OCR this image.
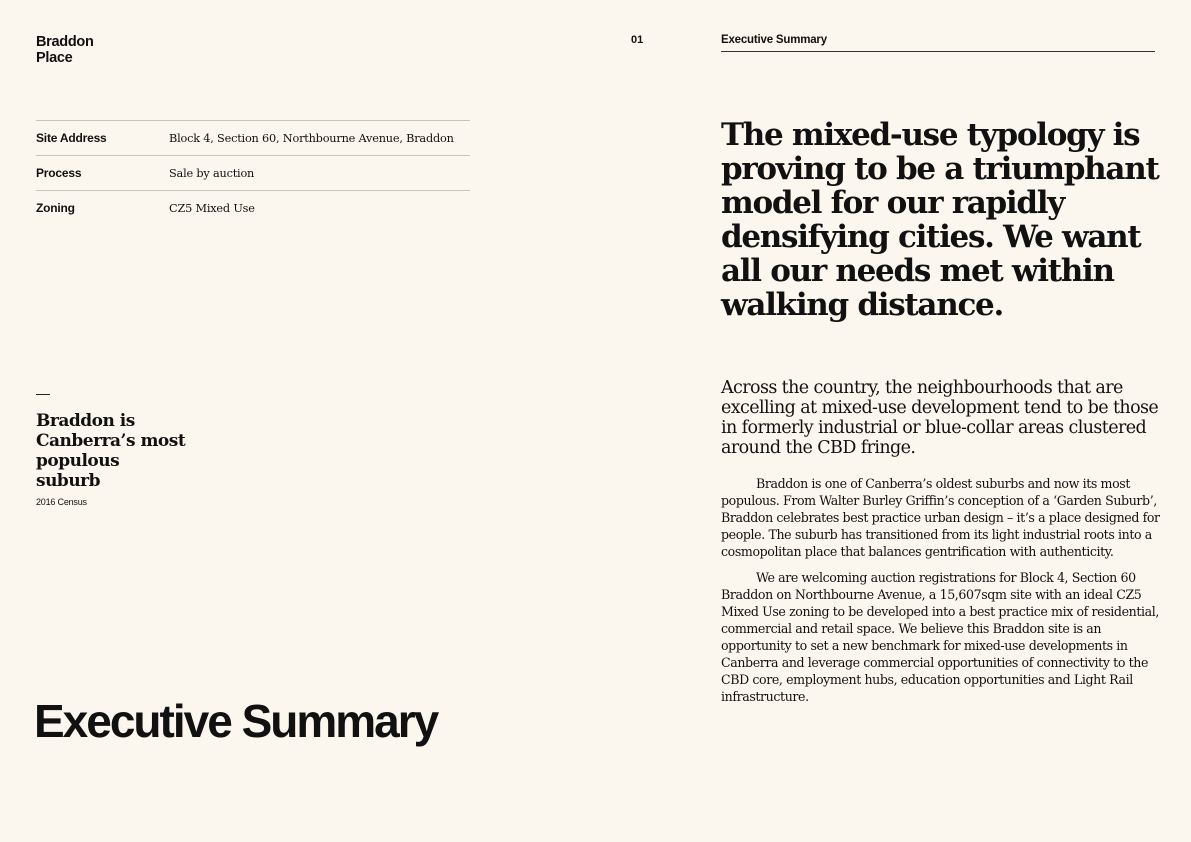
Braddon
Place
01	Executive Summary
Site Address	Block 4, Section 60, Northbourne Avenue, Braddon
Process	Sale by auction
Zoning	CZ5 Mixed Use
—
Braddon is Canberra’s most populous suburb
2016 Census
Executive Summary
The mixed-use typology is proving to be a triumphant model for our rapidly densifying cities. We want all our needs met within walking distance.

Across the country, the neighbourhoods that are excelling at mixed-use development tend to be those in formerly industrial or blue-collar areas clustered around the CBD fringe.

Braddon is one of Canberra’s oldest suburbs and now its most populous. From Walter Burley Griffin’s conception of a ‘Garden Suburb’, Braddon celebrates best practice urban design – it’s a place designed for people. The suburb has transitioned from its light industrial roots into a cosmopolitan place that balances gentrification with authenticity.

We are welcoming auction registrations for Block 4, Section 60 Braddon on Northbourne Avenue, a 15,607sqm site with an ideal CZ5 Mixed Use zoning to be developed into a best practice mix of residential, commercial and retail space. We believe this Braddon site is an opportunity to set a new benchmark for mixed-use developments in Canberra and leverage commercial opportunities of connectivity to the CBD core, employment hubs, education opportunities and Light Rail infrastructure.
